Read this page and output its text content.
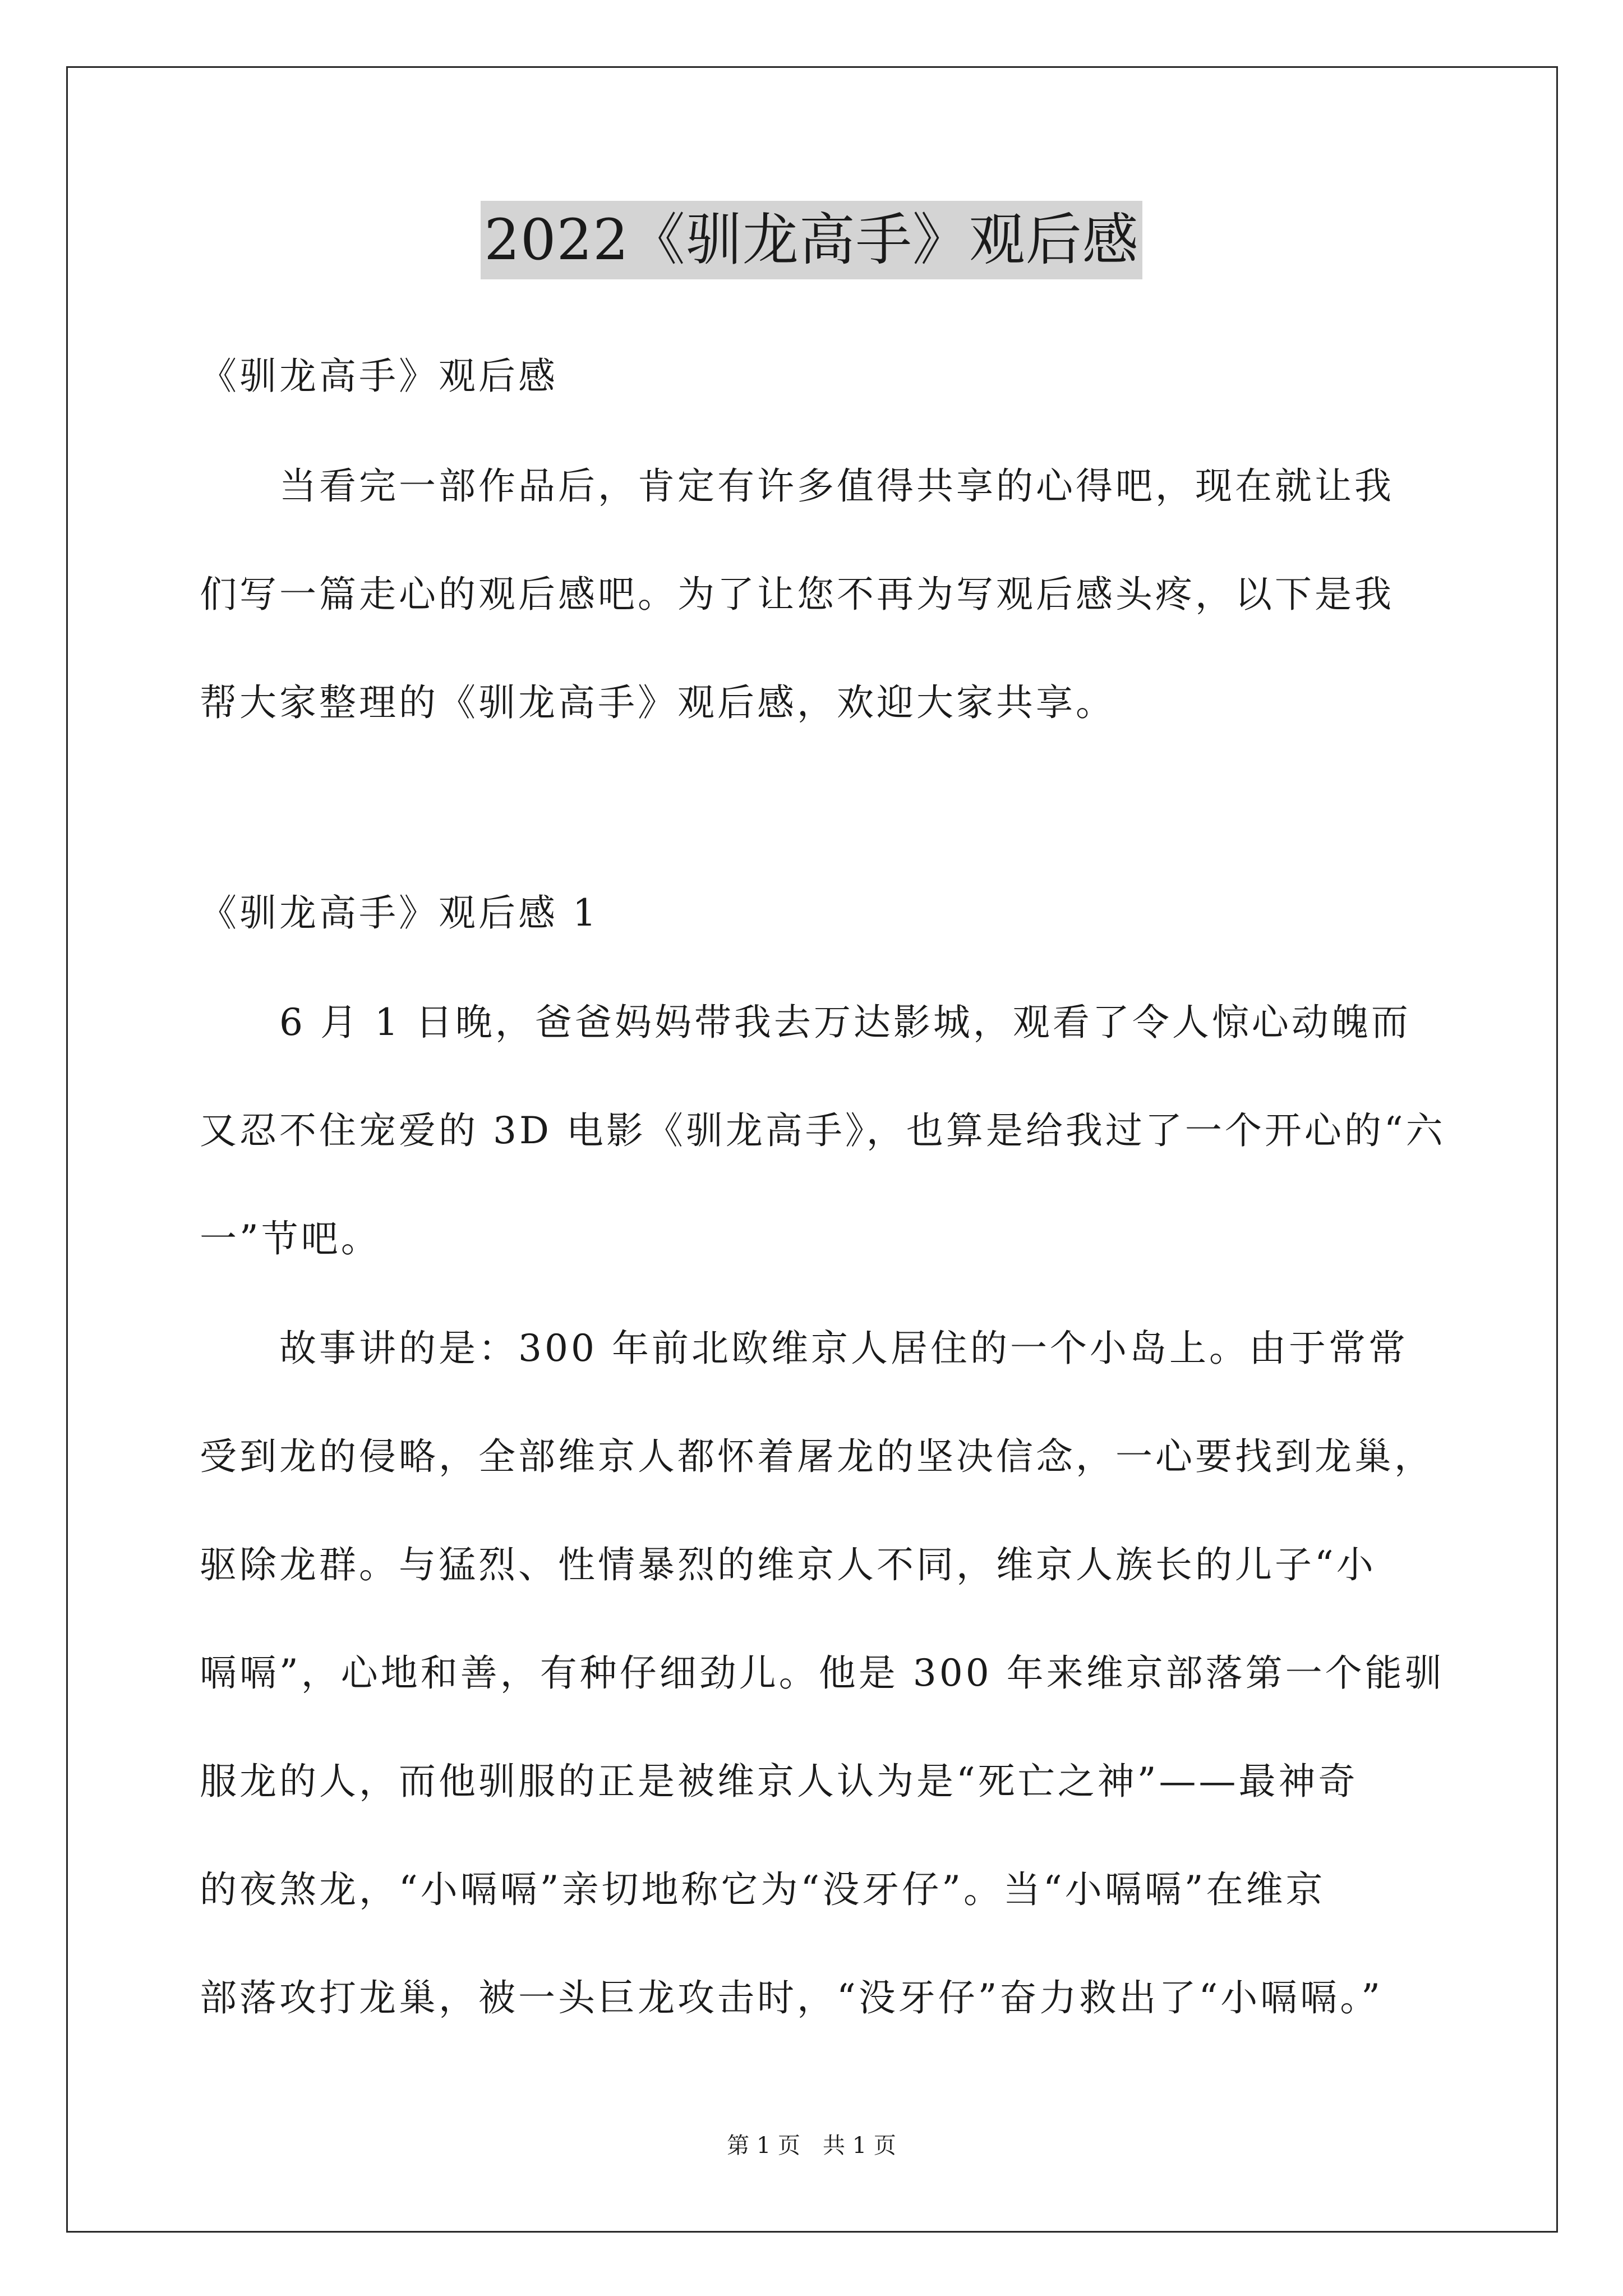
2022《驯龙高手》观后感
《驯龙高手》观后感
当看完一部作品后，肯定有许多值得共享的心得吧，现在就让我
们写一篇走心的观后感吧。为了让您不再为写观后感头疼，以下是我
帮大家整理的《驯龙高手》观后感，欢迎大家共享。
《驯龙高手》观后感 1
6 月 1 日晚，爸爸妈妈带我去万达影城，观看了令人惊心动魄而
又忍不住宠爱的 3D 电影《驯龙高手》，也算是给我过了一个开心的“六
一”节吧。
故事讲的是：300 年前北欧维京人居住的一个小岛上。由于常常
受到龙的侵略，全部维京人都怀着屠龙的坚决信念，一心要找到龙巢，
驱除龙群。与猛烈、性情暴烈的维京人不同，维京人族长的儿子“小
嗝嗝”，心地和善，有种仔细劲儿。他是 300 年来维京部落第一个能驯
服龙的人，而他驯服的正是被维京人认为是“死亡之神”——最神奇
的夜煞龙，“小嗝嗝”亲切地称它为“没牙仔”。当“小嗝嗝”在维京
部落攻打龙巢，被一头巨龙攻击时，“没牙仔”奋力救出了“小嗝嗝。”
第 1 页　共 1 页
